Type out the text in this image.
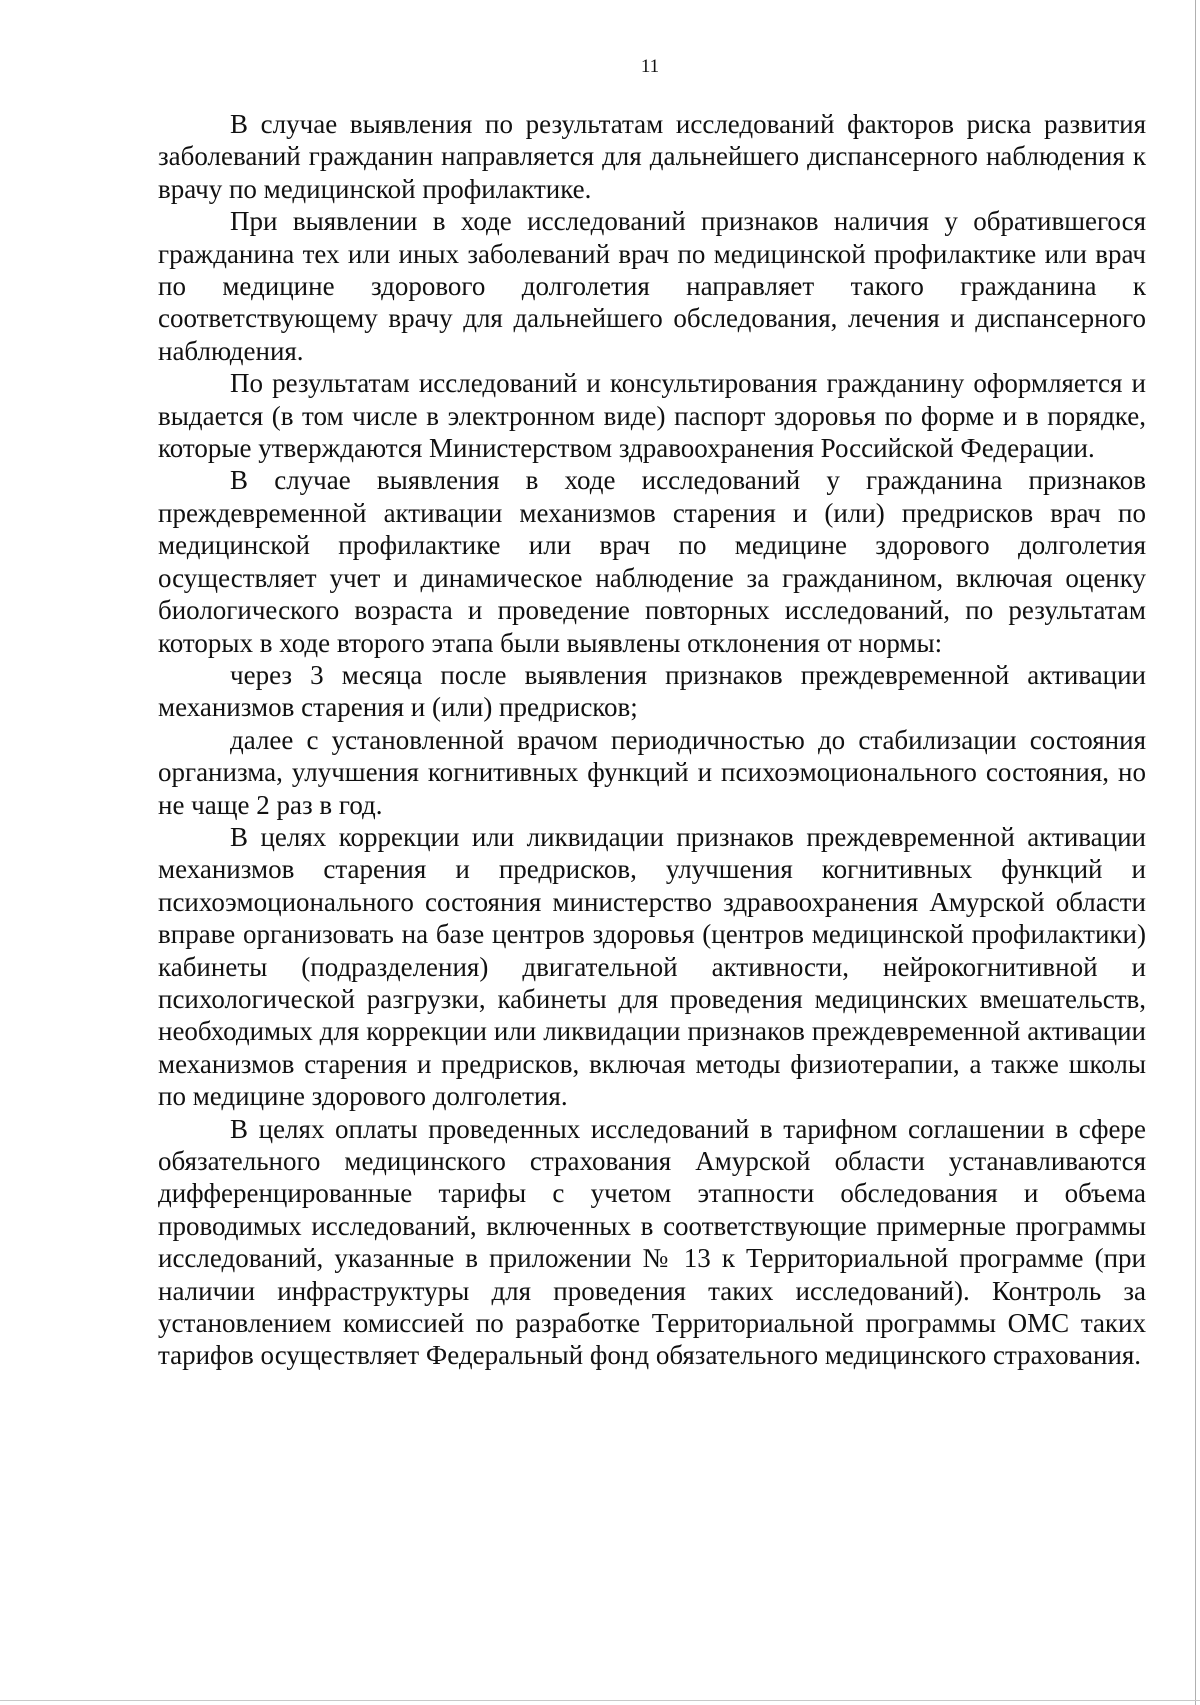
11

В случае выявления по результатам исследований факторов риска развития заболеваний гражданин направляется для дальнейшего диспансерного наблюдения к врачу по медицинской профилактике.

При выявлении в ходе исследований признаков наличия у обратившегося гражданина тех или иных заболеваний врач по медицинской профилактике или врач по медицине здорового долголетия направляет такого гражданина к соответствующему врачу для дальнейшего обследования, лечения и диспансерного наблюдения.

По результатам исследований и консультирования гражданину оформляется и выдается (в том числе в электронном виде) паспорт здоровья по форме и в порядке, которые утверждаются Министерством здравоохранения Российской Федерации.

В случае выявления в ходе исследований у гражданина признаков преждевременной активации механизмов старения и (или) предрисков врач по медицинской профилактике или врач по медицине здорового долголетия осуществляет учет и динамическое наблюдение за гражданином, включая оценку биологического возраста и проведение повторных исследований, по результатам которых в ходе второго этапа были выявлены отклонения от нормы:

через 3 месяца после выявления признаков преждевременной активации механизмов старения и (или) предрисков;

далее с установленной врачом периодичностью до стабилизации состояния организма, улучшения когнитивных функций и психоэмоционального состояния, но не чаще 2 раз в год.

В целях коррекции или ликвидации признаков преждевременной активации механизмов старения и предрисков, улучшения когнитивных функций и психоэмоционального состояния министерство здравоохранения Амурской области вправе организовать на базе центров здоровья (центров медицинской профилактики) кабинеты (подразделения) двигательной активности, нейрокогнитивной и психологической разгрузки, кабинеты для проведения медицинских вмешательств, необходимых для коррекции или ликвидации признаков преждевременной активации механизмов старения и предрисков, включая методы физиотерапии, а также школы по медицине здорового долголетия.

В целях оплаты проведенных исследований в тарифном соглашении в сфере обязательного медицинского страхования Амурской области устанавливаются дифференцированные тарифы с учетом этапности обследования и объема проводимых исследований, включенных в соответствующие примерные программы исследований, указанные в приложении № 13 к Территориальной программе (при наличии инфраструктуры для проведения таких исследований). Контроль за установлением комиссией по разработке Территориальной программы ОМС таких тарифов осуществляет Федеральный фонд обязательного медицинского страхования.
